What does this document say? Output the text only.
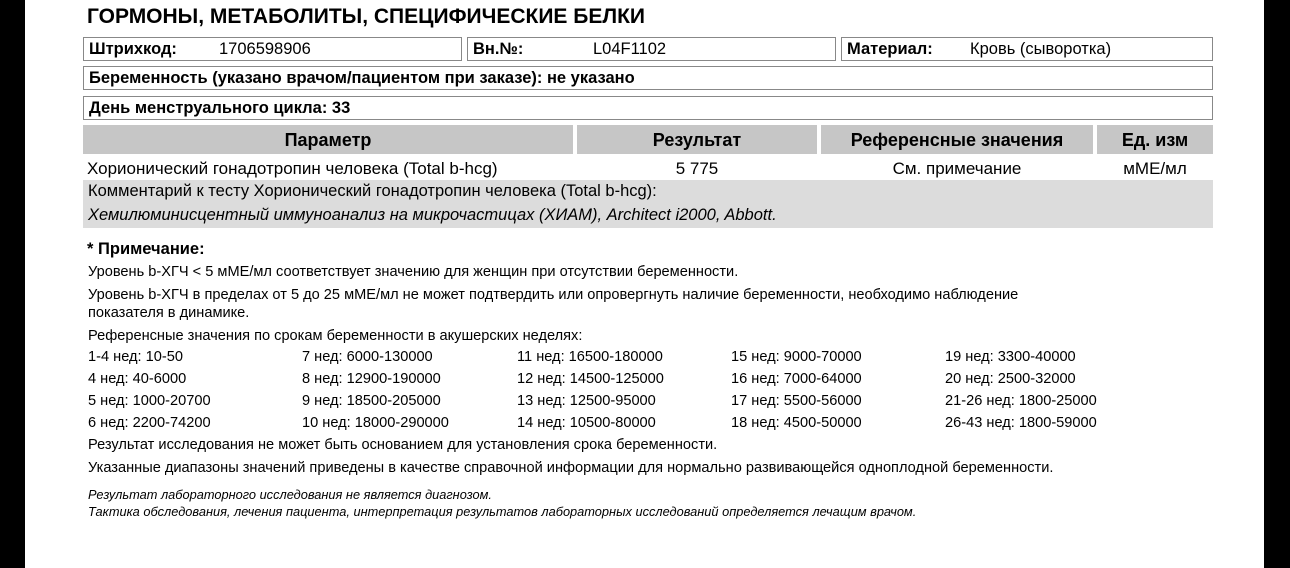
ГОРМОНЫ, МЕТАБОЛИТЫ, СПЕЦИФИЧЕСКИЕ БЕЛКИ
Штрихкод:	1706598906	Вн.№:	L04F1102	Материал: Кровь (сыворотка)
Беременность (указано врачом/пациентом при заказе): не указано
День менструального цикла: 33
Параметр	Результат	Референсные значения	Ед. изм
Хорионический гонадотропин человека (Total b-hcg)	5 775	См. примечание	мМЕ/мл
Комментарий к тесту Хорионический гонадотропин человека (Total b-hcg):
Хемилюминисцентный иммуноанализ на микрочастицах (ХИАМ), Architect i2000, Abbott.
* Примечание:
Уровень b-ХГЧ < 5 мМЕ/мл соответствует значению для женщин при отсутствии беременности.
Уровень b-ХГЧ в пределах от 5 до 25 мМЕ/мл не может подтвердить или опровергнуть наличие беременности, необходимо наблюдение
показателя в динамике.
Референсные значения по срокам беременности в акушерских неделях:
1-4 нед: 10-50	7 нед: 6000-130000	11 нед: 16500-180000	15 нед: 9000-70000	19 нед: 3300-40000
4 нед: 40-6000	8 нед: 12900-190000	12 нед: 14500-125000	16 нед: 7000-64000	20 нед: 2500-32000
5 нед: 1000-20700	9 нед: 18500-205000	13 нед: 12500-95000	17 нед: 5500-56000	21-26 нед: 1800-25000
6 нед: 2200-74200	10 нед: 18000-290000	14 нед: 10500-80000	18 нед: 4500-50000	26-43 нед: 1800-59000
Результат исследования не может быть основанием для установления срока беременности.
Указанные диапазоны значений приведены в качестве справочной информации для нормально развивающейся одноплодной беременности.
Результат лабораторного исследования не является диагнозом.
Тактика обследования, лечения пациента, интерпретация результатов лабораторных исследований определяется лечащим врачом.
